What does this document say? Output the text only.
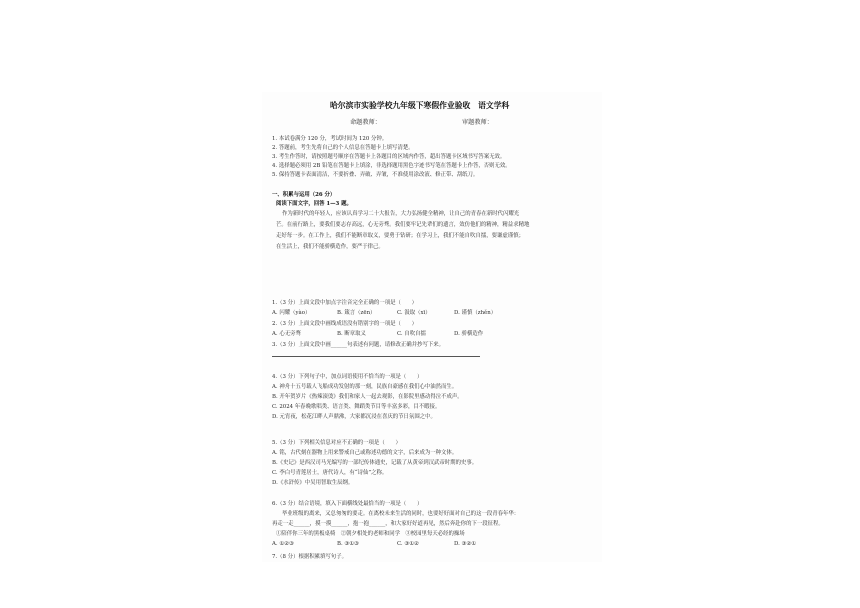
哈尔滨市实验学校九年级下寒假作业验收　语文学科
命题教师：	审题教师：
1. 本试卷满分 120 分，考试时间为 120 分钟。
2. 答题前，考生先将自己的个人信息在答题卡上填写清楚。
3. 考生作答时，请按照题号顺序在答题卡上各题目的区域内作答，超出答题卡区域书写答案无效。
4. 选择题必须用 2B 铅笔在答题卡上填涂，非选择题用黑色字迹书写笔在答题卡上作答，否则无效。
5. 保持答题卡表面清洁，不要折叠、弄破、弄皱，不准使用涂改液、修正带、刮纸刀。
一、积累与运用（26 分）
阅读下面文字，回答 1—3 题。
作为新时代的年轻人，应该认真学习二十大报告，大力弘扬健全精神，让自己的青春在新时代闪耀光
芒。在前行路上，要我们要志存高远，心无旁骛。我们要牢记先辈们的遗言，效仿他们的精神，精益求精地
走好每一步。在工作上，我们不能断章取义，要勇于钻研；在学习上，我们不能自吹自擂，要谦虚谨慎；
在生活上，我们不能骄横造作，要严于律己。
1.（3 分）上面文段中加点字注音完全正确的一项是（　　）
A. 闪耀（yào）	B. 箴言（zēn）	C. 汲取（xī）	D. 谨慎（zhěn）
2.（3 分）上面文段中画线成语没有错别字的一项是（　　）
A. 心无旁骛	B. 断章取义	C. 自吹自擂	D. 骄横造作
3.（3 分）上面文段中画______句表述有问题，请修改正确并抄写下来。
4.（3 分）下列句子中，加点词语使用不恰当的一项是（　　）
A. 神舟十五号载人飞船成功发射的那一刻，民族自豪感在我们心中油然而生。
B. 开年贺岁片《热辣滚烫》我们和家人一起去观影，在影院里感动得泣不成声。
C. 2024 年春晚歌唱类、语言类、舞蹈类节目等丰富多彩，目不暇接。
D. 元宵夜，松花江畔人声鼎沸，大家都沉浸在喜庆的节日氛围之中。
5.（3 分）下列相关信息对应不正确的一项是（　　）
A. 铭，古代刻在器物上用来警戒自己或称述功德的文字，后来成为一种文体。
B.《史记》是西汉司马光编写的一部纪传体通史，记载了从黄帝到汉武帝时期的史事。
C. 李白号青莲居士，唐代诗人，有“诗仙”之称。
D.《水浒传》中吴用智取生辰纲。
6.（3 分）结合语境，填入下面横线处最恰当的一项是（　　）
毕业班级的离来，又总匆匆的要走。在离校未来生活的同时，也要好好面对自己的这一段青春年华：
再走一走______，摸一摸______，抱一抱______，和大家好好道再见，然后奔赴你的下一段征程。
①陪伴你三年的黑板桌椅　②朝夕相处的老师和同学　③校园里每天必经的操场
A. ①②③	B. ③①③	C. ③①②	D. ③②①
7.（8 分）根据积累填写句子。
